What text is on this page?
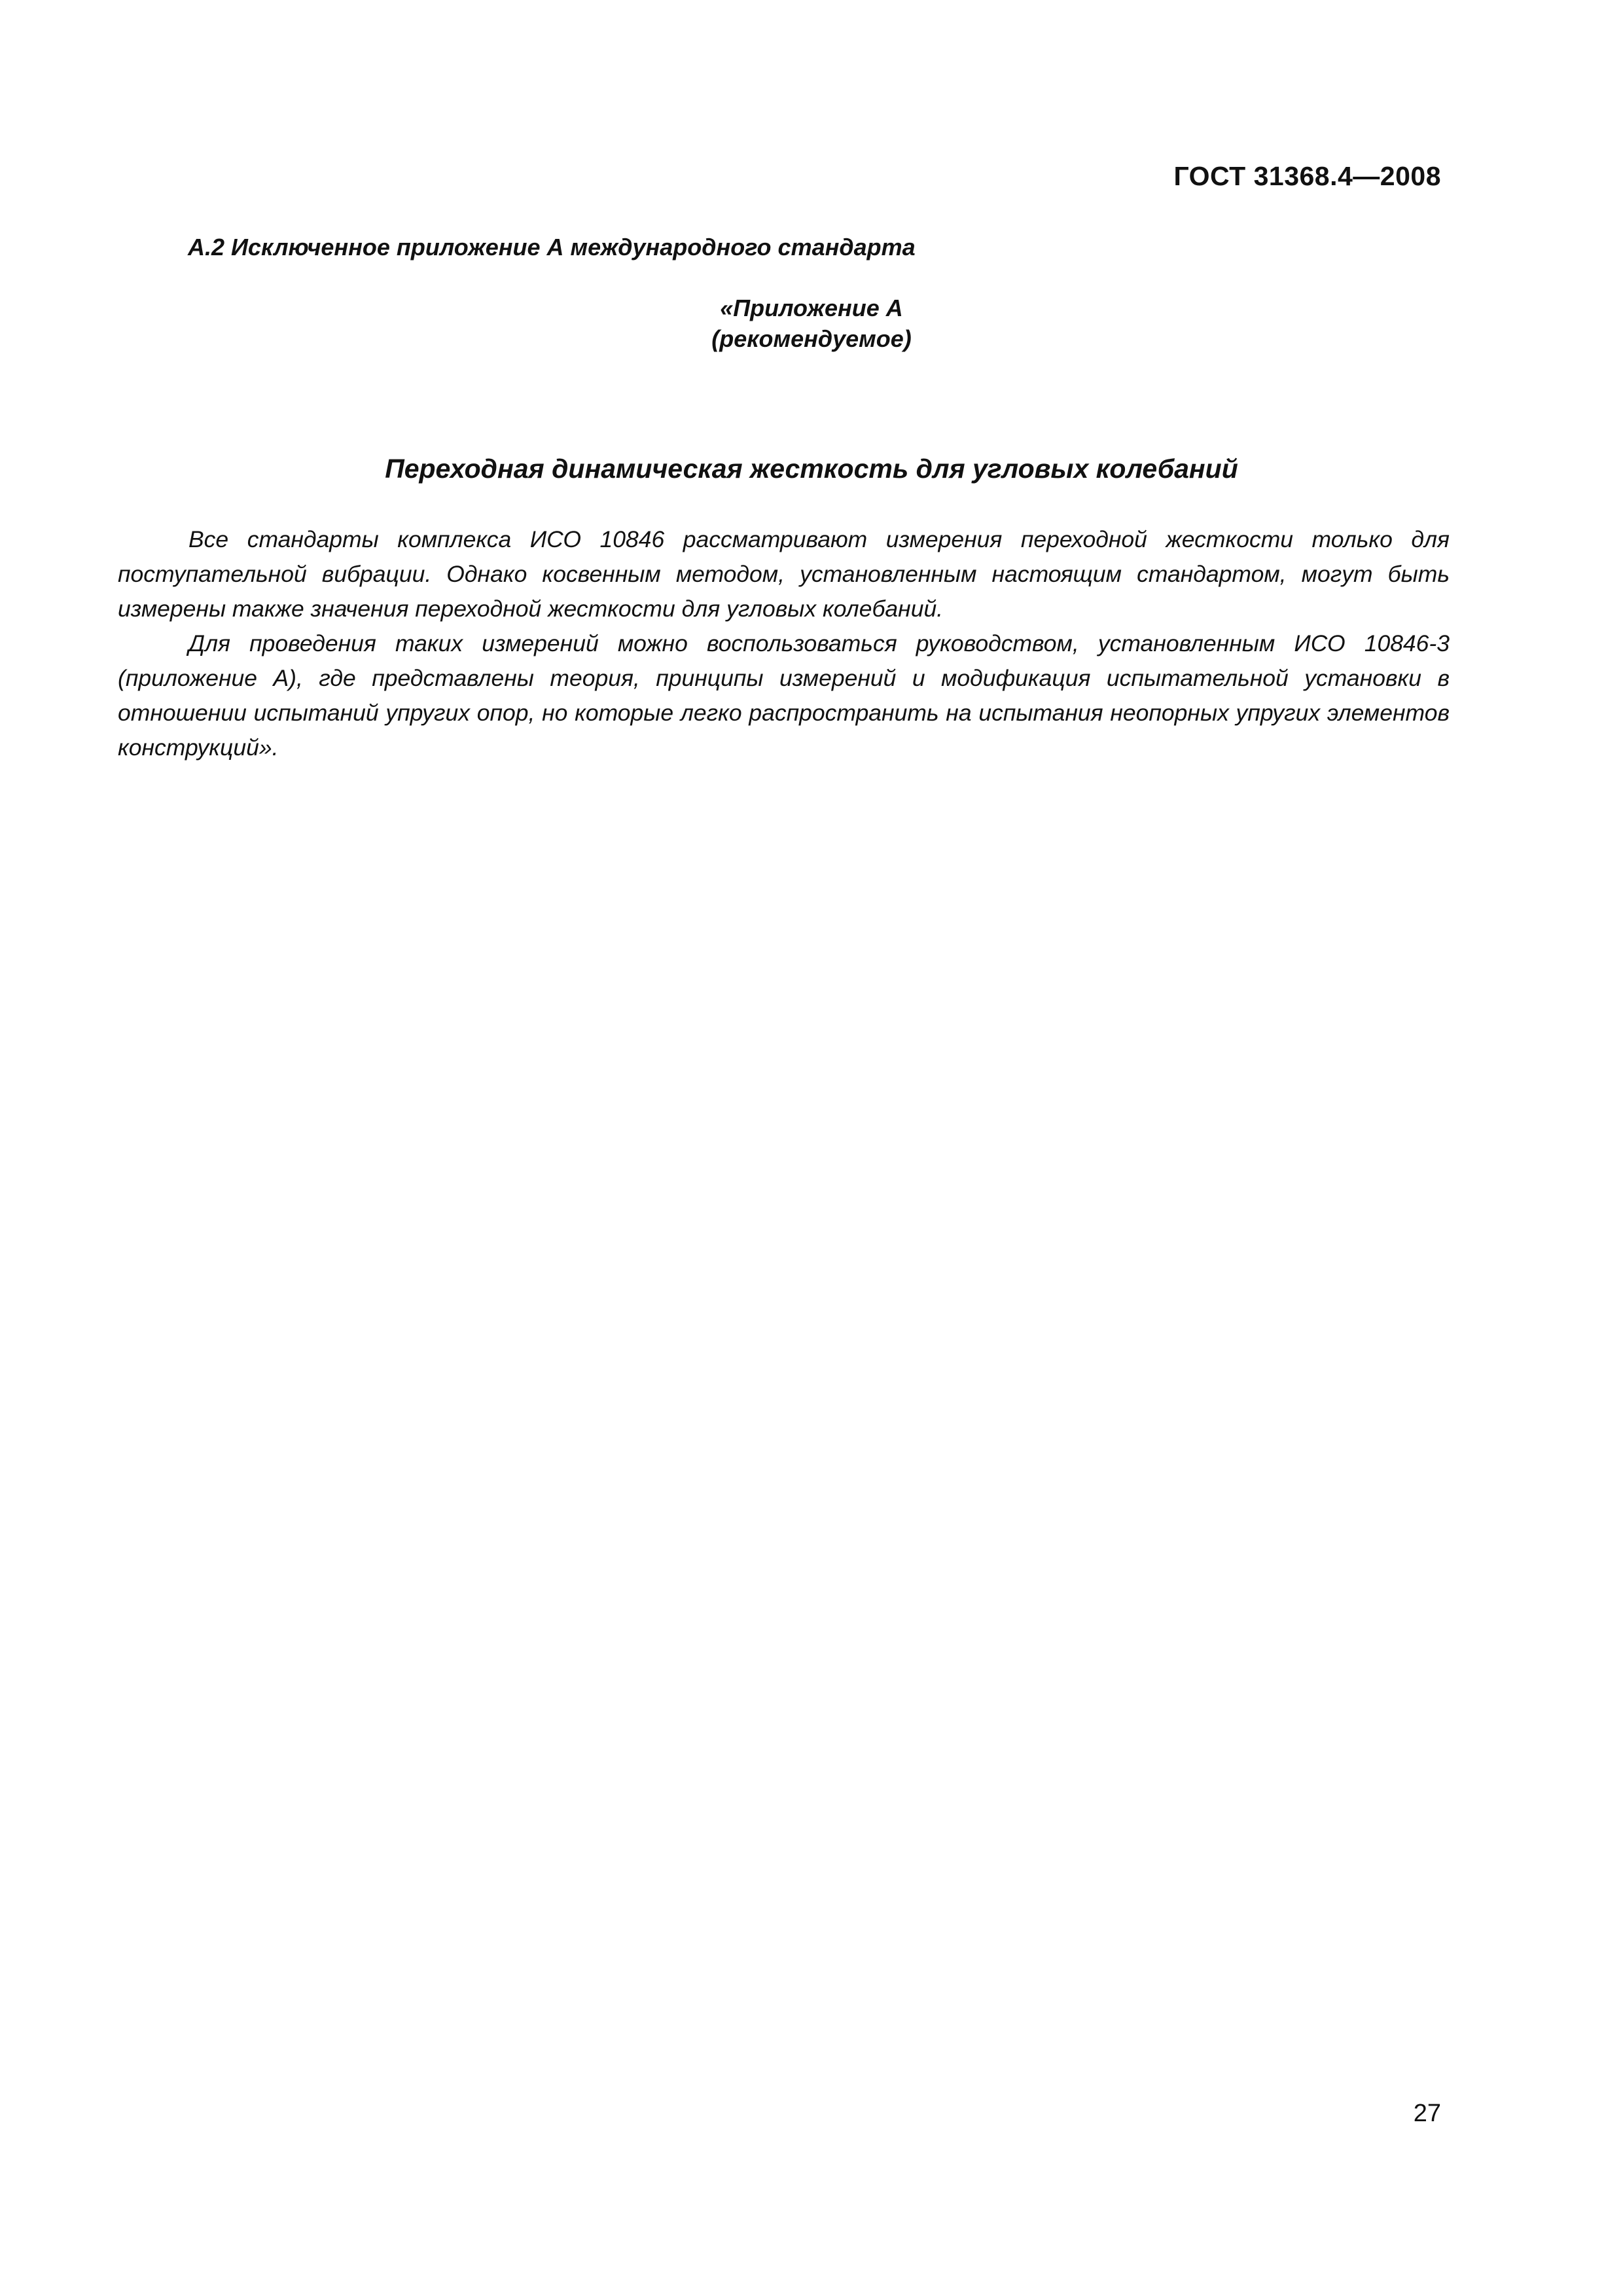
ГОСТ 31368.4—2008
А.2 Исключенное приложение А международного стандарта
«Приложение А
(рекомендуемое)
Переходная динамическая жесткость для угловых колебаний

Все стандарты комплекса ИСО 10846 рассматривают измерения переходной жесткости только для поступательной вибрации. Однако косвенным методом, установленным настоящим стандартом, могут быть измерены также значения переходной жесткости для угловых колебаний.

Для проведения таких измерений можно воспользоваться руководством, установленным ИСО 10846-3 (приложение А), где представлены теория, принципы измерений и модификация испытательной установки в отношении испытаний упругих опор, но которые легко распространить на испытания неопорных упругих элементов конструкций».

27
